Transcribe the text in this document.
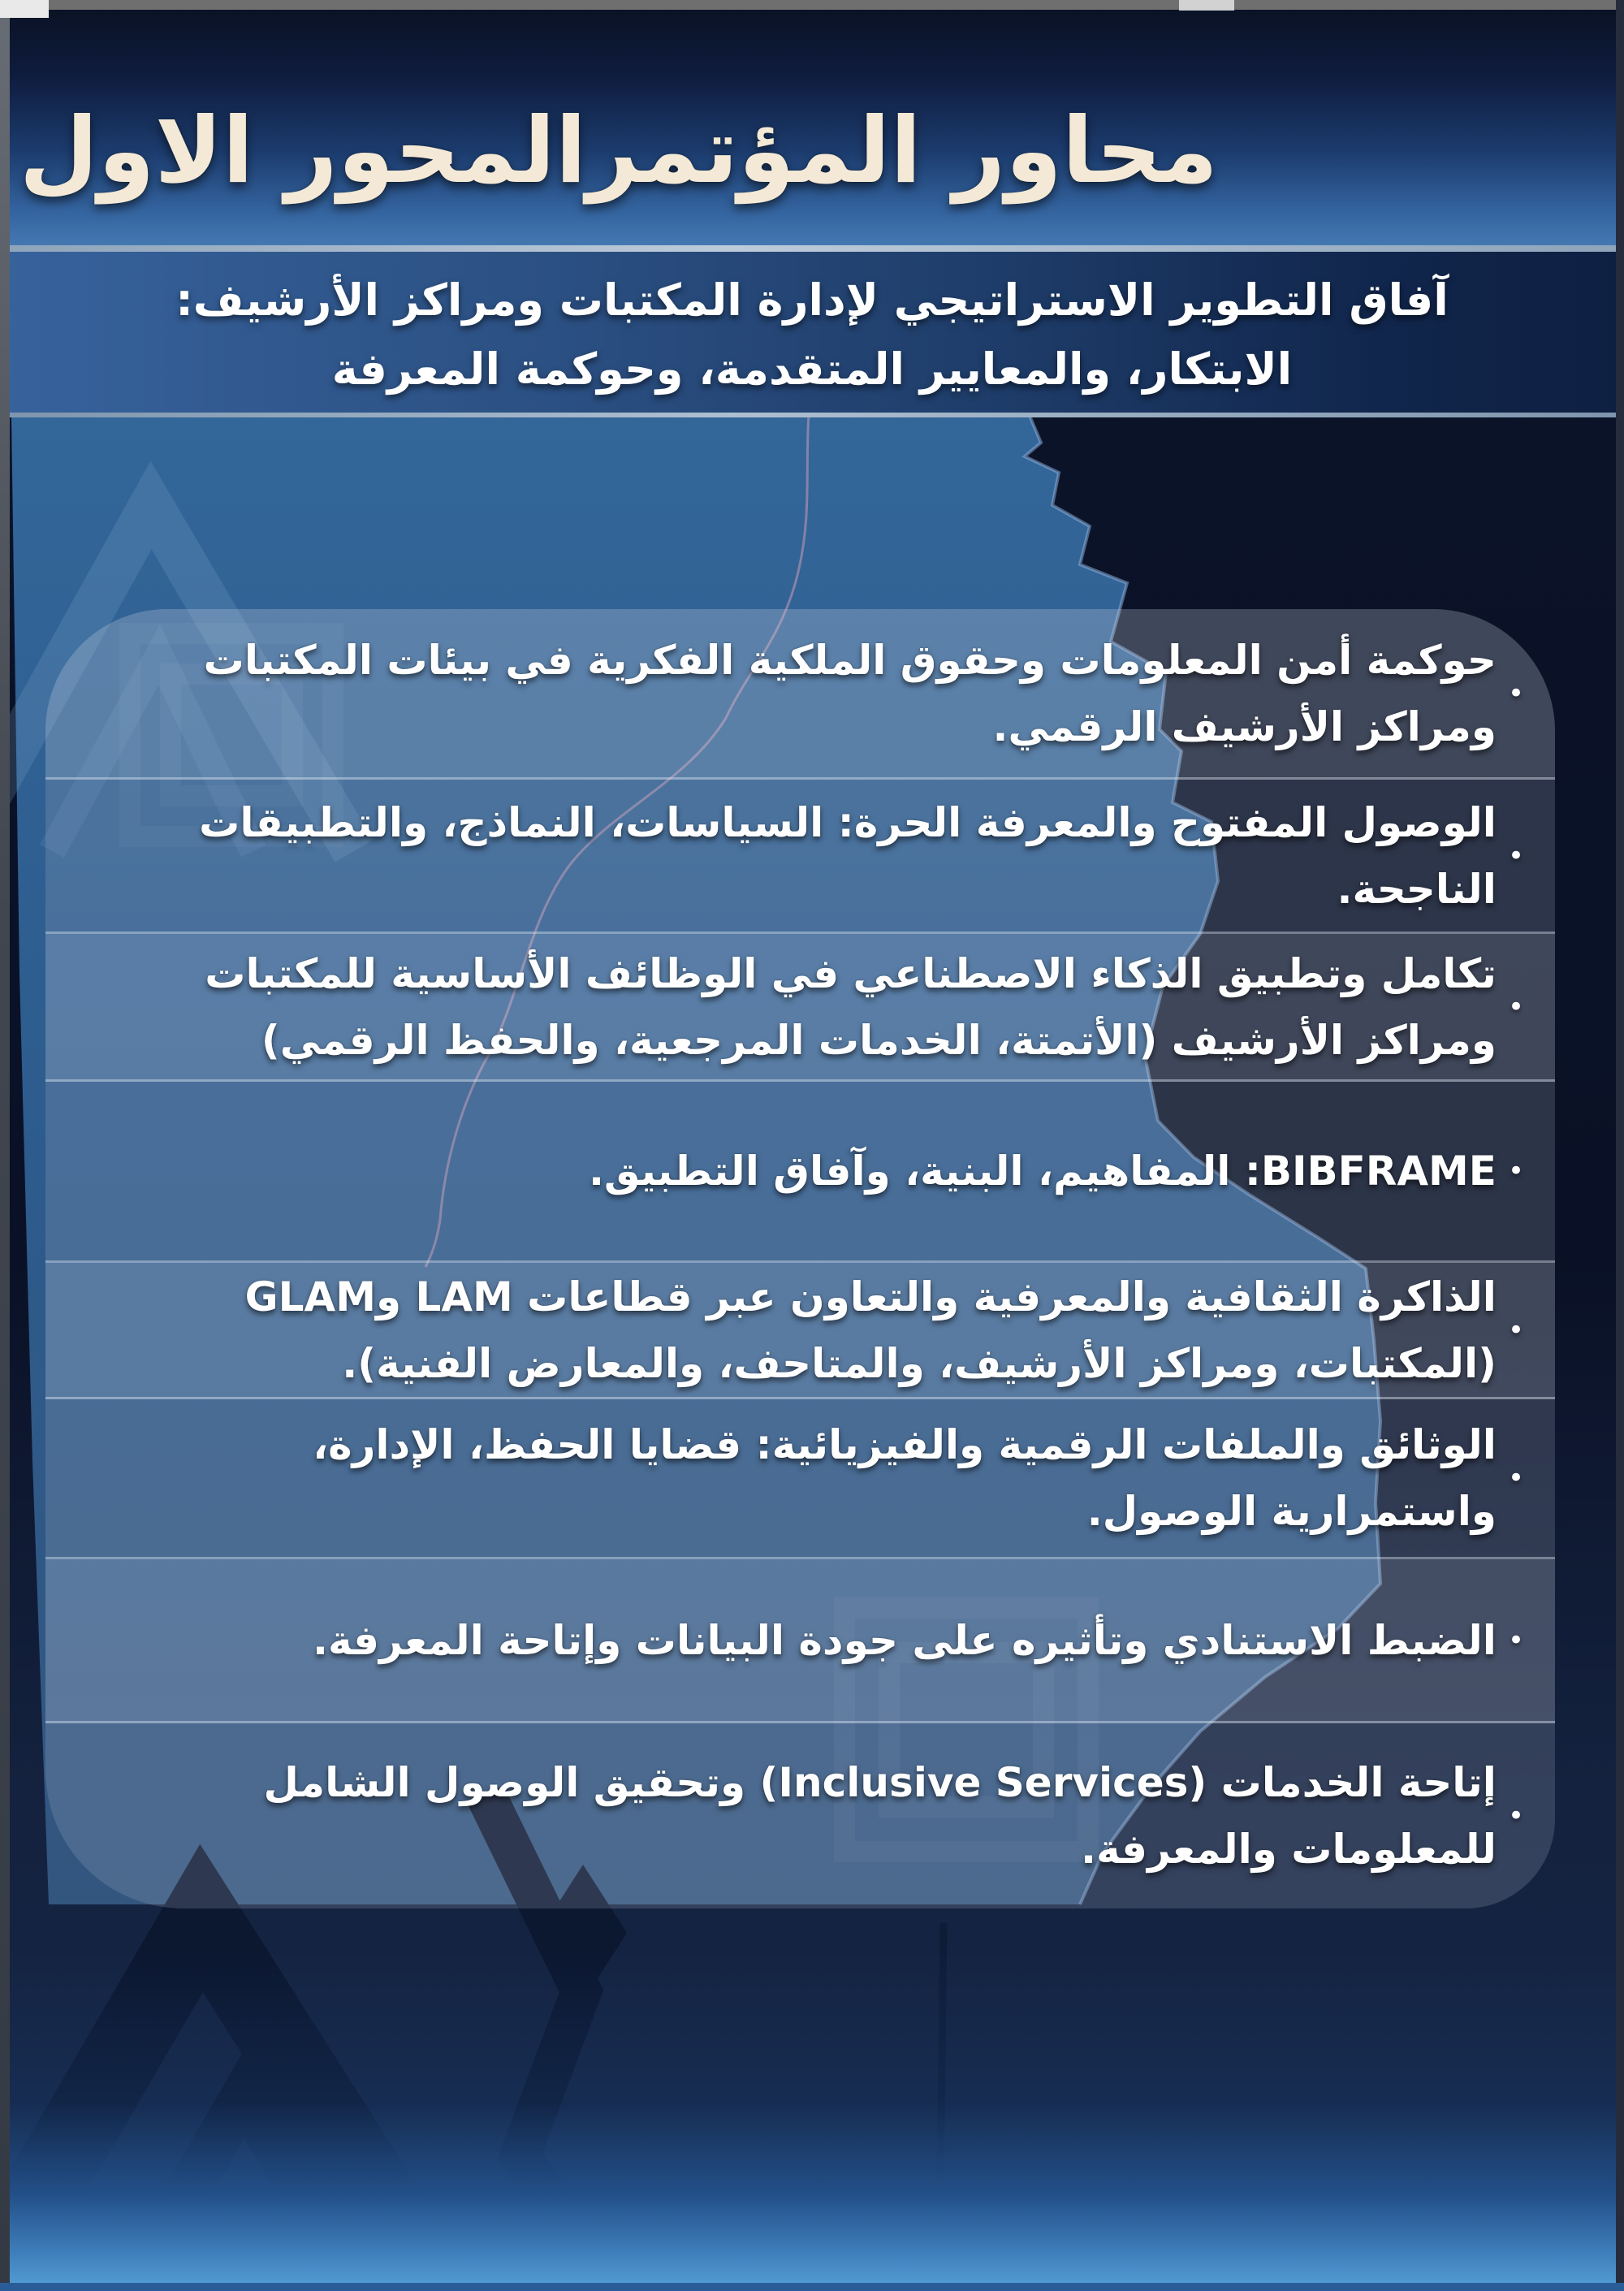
محاور المؤتمر
المحور الاول
آفاق التطوير الاستراتيجي لإدارة المكتبات ومراكز الأرشيف:
الابتكار، والمعايير المتقدمة، وحوكمة المعرفة
•
حوكمة أمن المعلومات وحقوق الملكية الفكرية في بيئات المكتبات ومراكز الأرشيف الرقمي.
•
الوصول المفتوح والمعرفة الحرة: السياسات، النماذج، والتطبيقات الناجحة.
•
تكامل وتطبيق الذكاء الاصطناعي في الوظائف الأساسية للمكتبات ومراكز الأرشيف (الأتمتة، الخدمات المرجعية، والحفظ الرقمي)
•
BIBFRAME: المفاهيم، البنية، وآفاق التطبيق.
•
الذاكرة الثقافية والمعرفية والتعاون عبر قطاعات LAM وGLAM (المكتبات، ومراكز الأرشيف، والمتاحف، والمعارض الفنية).
•
الوثائق والملفات الرقمية والفيزيائية: قضايا الحفظ، الإدارة، واستمرارية الوصول.
•
الضبط الاستنادي وتأثيره على جودة البيانات وإتاحة المعرفة.
•
إتاحة الخدمات (Inclusive Services) وتحقيق الوصول الشامل للمعلومات والمعرفة.
